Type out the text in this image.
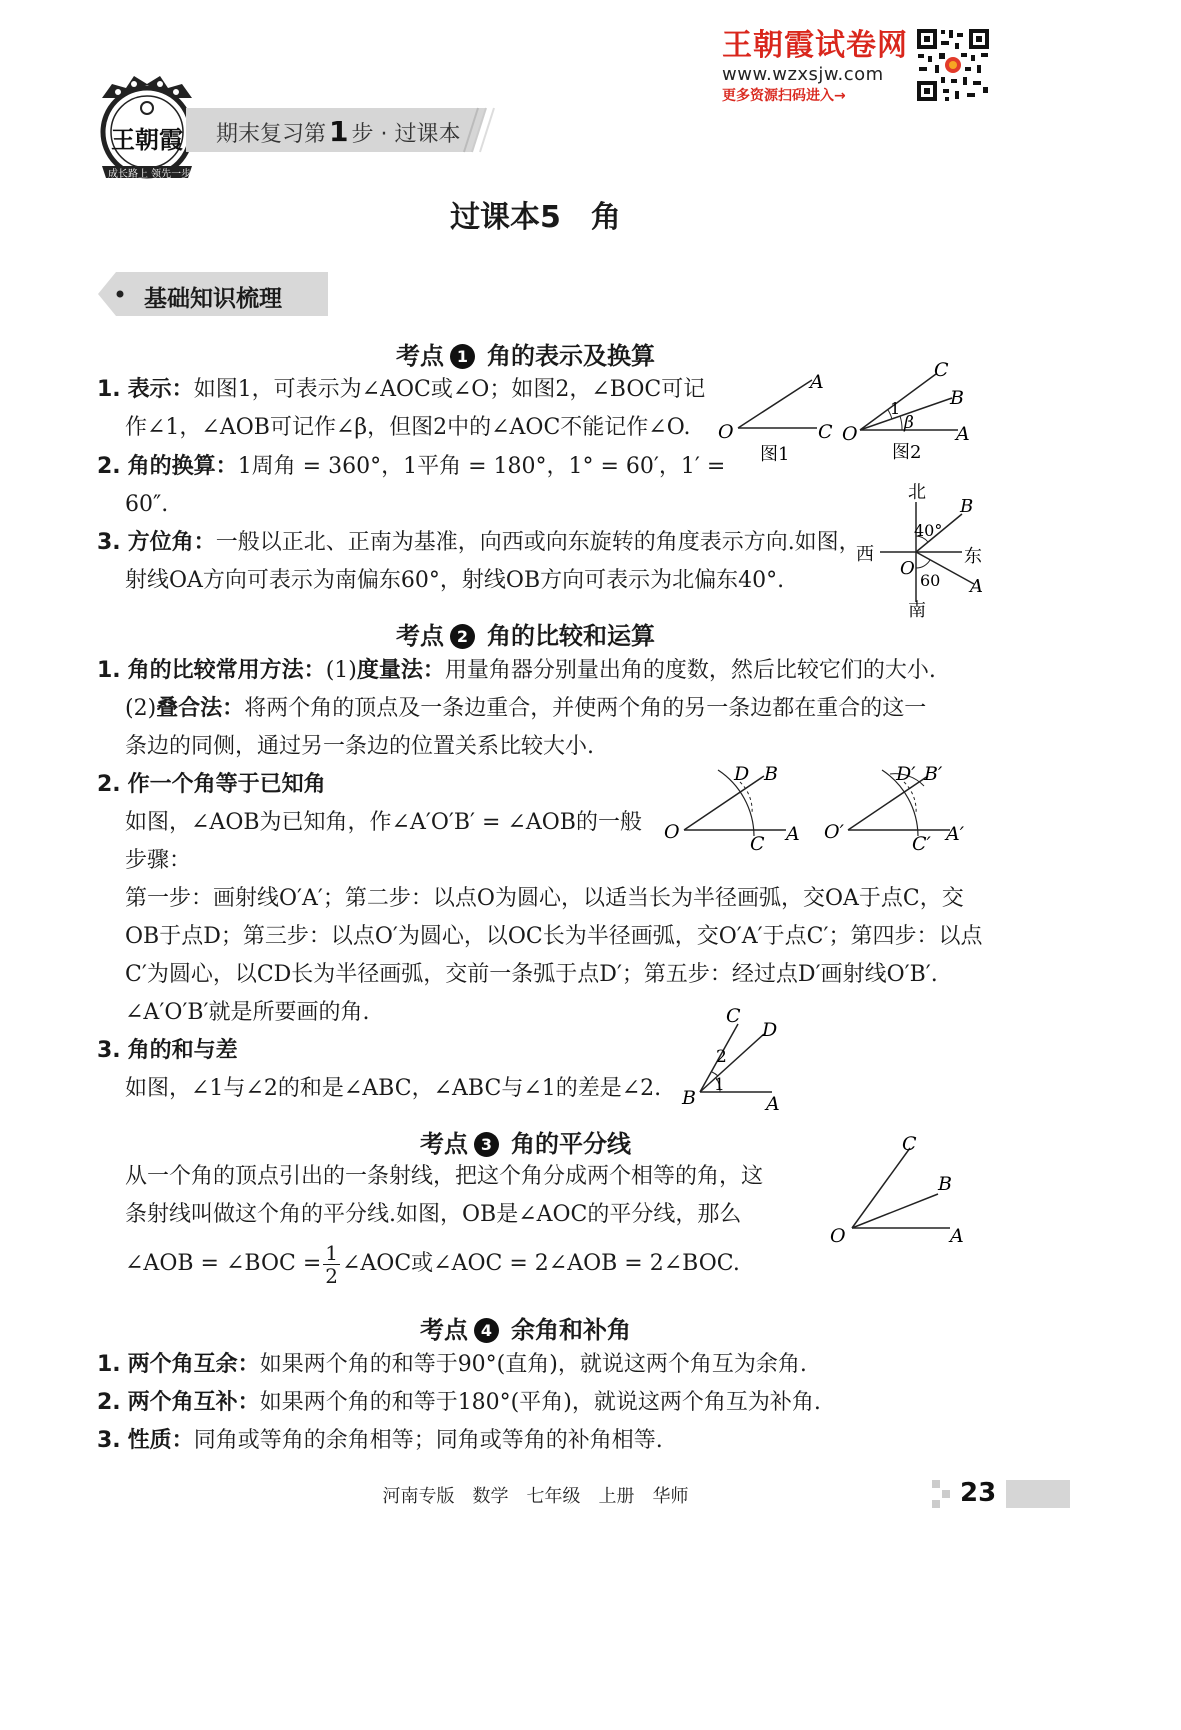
王朝霞试卷网
www.wzxsjw.com
更多资源扫码进入→
王朝霞
成长路上 领先一步
期末复习第 1 步 · 过课本
过课本5　角
基础知识梳理
考点 1 角的表示及换算
1. 表示：如图1，可表示为∠AOC或∠O；如图2，∠BOC可记
作∠1，∠AOB可记作∠β，但图2中的∠AOC不能记作∠O.
2. 角的换算：1周角 = 360°，1平角 = 180°，1° = 60′，1′ =
60″.
3. 方位角：一般以正北、正南为基准，向西或向东旋转的角度表示方向.如图，
射线OA方向可表示为南偏东60°，射线OB方向可表示为北偏东40°.
O
A
C
图1
O
C
B
A
1
β
图2
北
南
西	东
O
B
A
40°
60
考点 2 角的比较和运算
1. 角的比较常用方法：(1)度量法：用量角器分别量出角的度数，然后比较它们的大小.
(2)叠合法：将两个角的顶点及一条边重合，并使两个角的另一条边都在重合的这一
条边的同侧，通过另一条边的位置关系比较大小.
2. 作一个角等于已知角
如图，∠AOB为已知角，作∠A′O′B′ = ∠AOB的一般
步骤：
第一步：画射线O′A′；第二步：以点O为圆心，以适当长为半径画弧，交OA于点C，交
OB于点D；第三步：以点O′为圆心，以OC长为半径画弧，交O′A′于点C′；第四步：以点
C′为圆心，以CD长为半径画弧，交前一条弧于点D′；第五步：经过点D′画射线O′B′.
∠A′O′B′就是所要画的角.
3. 角的和与差
如图，∠1与∠2的和是∠ABC，∠ABC与∠1的差是∠2.
O
D B
C A O′
D′ B′
C′ A′
C
D
B	A
1
2
考点 3 角的平分线
从一个角的顶点引出的一条射线，把这个角分成两个相等的角，这
条射线叫做这个角的平分线.如图，OB是∠AOC的平分线，那么
∠AOB = ∠BOC = $\frac{1}{2}$ ∠AOC或∠AOC = 2∠AOB = 2∠BOC.
O
C
B
A
考点 4 余角和补角
1. 两个角互余：如果两个角的和等于90°(直角)，就说这两个角互为余角.
2. 两个角互补：如果两个角的和等于180°(平角)，就说这两个角互为补角.
3. 性质：同角或等角的余角相等；同角或等角的补角相等.
河南专版　数学　七年级　上册　华师	23
